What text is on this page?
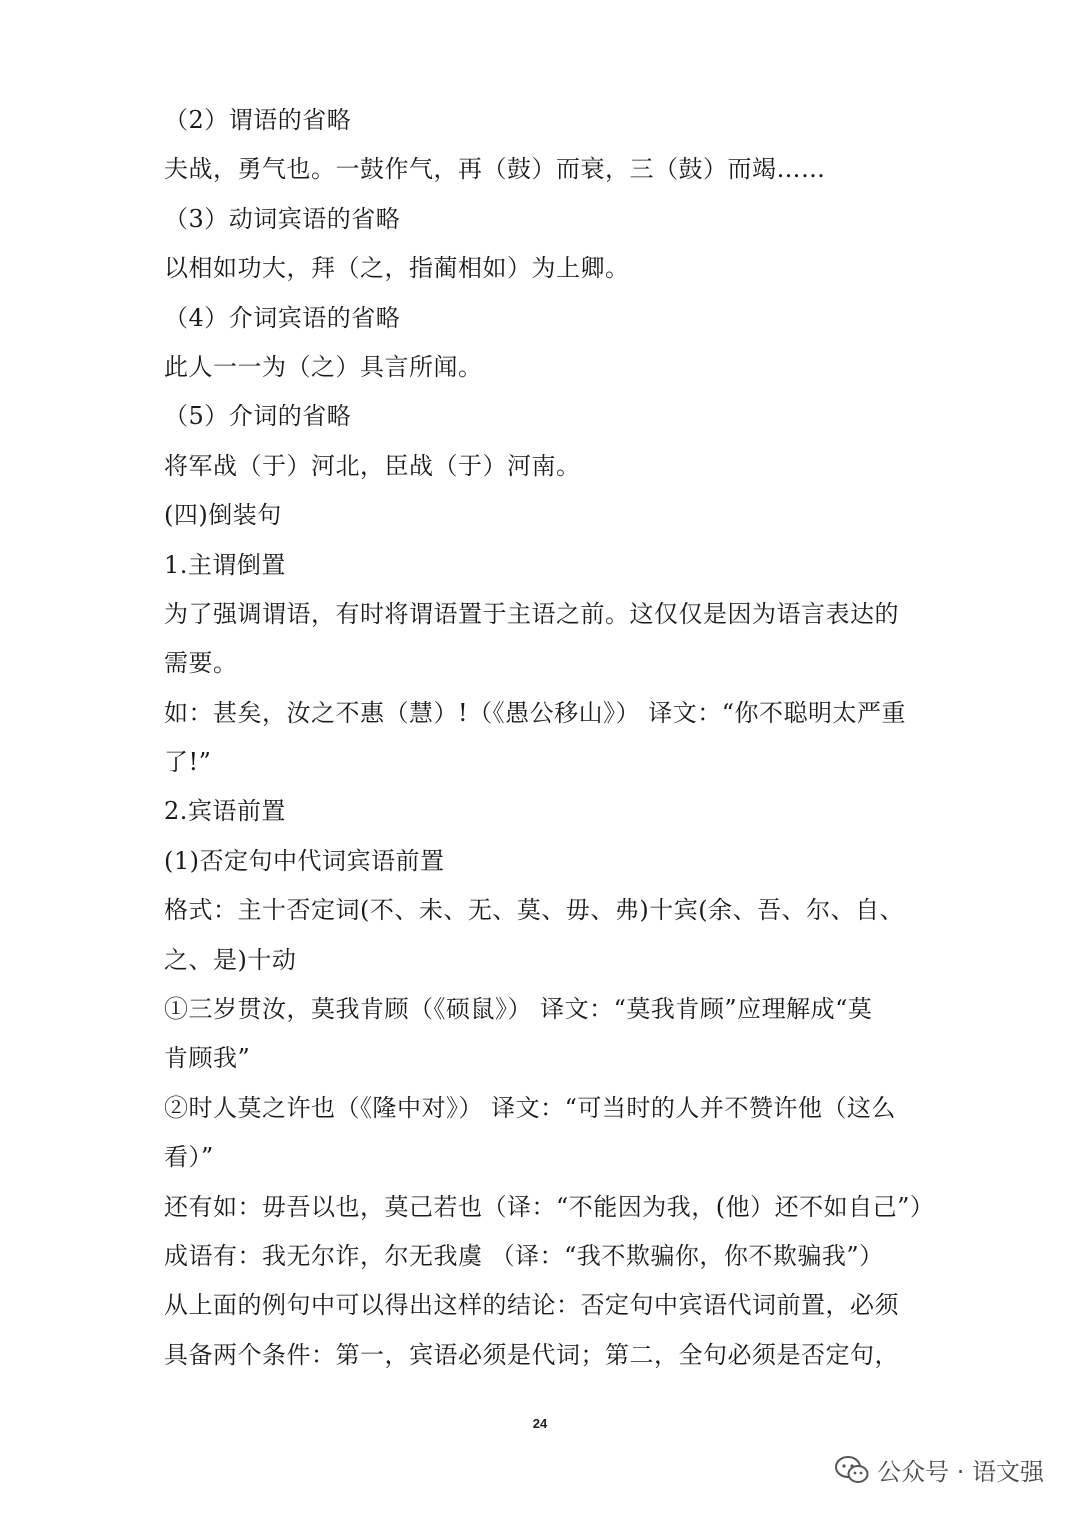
（2）谓语的省略
夫战，勇气也。一鼓作气，再（鼓）而衰，三（鼓）而竭……
（3）动词宾语的省略
以相如功大，拜（之，指蔺相如）为上卿。
（4）介词宾语的省略
此人一一为（之）具言所闻。
（5）介词的省略
将军战（于）河北，臣战（于）河南。
(四)倒装句
1.主谓倒置
为了强调谓语，有时将谓语置于主语之前。这仅仅是因为语言表达的
需要。
如：甚矣，汝之不惠（慧）!（《愚公移山》） 译文：“你不聪明太严重
了!”
2.宾语前置
(1)否定句中代词宾语前置
格式：主十否定词(不、未、无、莫、毋、弗)十宾(余、吾、尔、自、
之、是)十动
①三岁贯汝，莫我肯顾（《硕鼠》） 译文：“莫我肯顾”应理解成“莫
肯顾我”
②时人莫之许也（《隆中对》） 译文：“可当时的人并不赞许他（这么
看）”
还有如：毋吾以也，莫己若也（译：“不能因为我，(他）还不如自己”）
成语有：我无尔诈，尔无我虞 （译：“我不欺骗你，你不欺骗我”）
从上面的例句中可以得出这样的结论：否定句中宾语代词前置，必须
具备两个条件：第一，宾语必须是代词；第二，全句必须是否定句，
24
公众号 · 语文强
